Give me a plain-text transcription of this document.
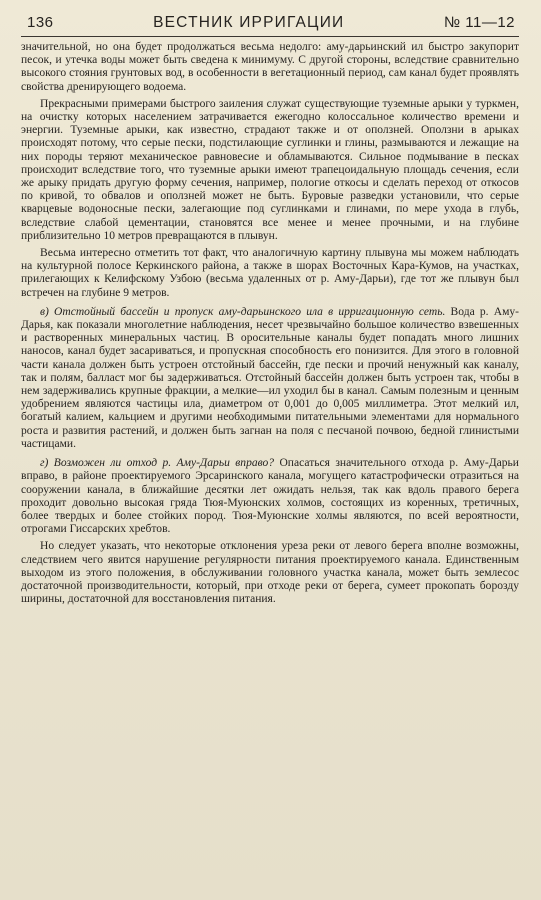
136	ВЕСТНИК ИРРИГАЦИИ	№ 11—12

значительной, но она будет продолжаться весьма недолго: аму-дарьинский ил быстро закупорит песок, и утечка воды может быть сведена к минимуму. С другой стороны, вследствие сравнительно высокого стояния грунтовых вод, в особенности в вегетационный период, сам канал будет проявлять свойства дренирующего водоема.

Прекрасными примерами быстрого заиления служат существующие туземные арыки у туркмен, на очистку которых населением затрачивается ежегодно колоссальное количество времени и энергии. Туземные арыки, как известно, страдают также и от оползней. Оползни в арыках происходят потому, что серые пески, подстилающие суглинки и глины, размываются и лежащие на них породы теряют механическое равновесие и обламываются. Сильное подмывание в песках происходит вследствие того, что туземные арыки имеют трапецоидальную площадь сечения, если же арыку придать другую форму сечения, например, пологие откосы и сделать переход от откосов по кривой, то обвалов и оползней может не быть. Буровые разведки установили, что серые кварцевые водоносные пески, залегающие под суглинками и глинами, по мере ухода в глубь, вследствие слабой цементации, становятся все менее и менее прочными, и на глубине приблизительно 10 метров превращаются в плывун.

Весьма интересно отметить тот факт, что аналогичную картину плывуна мы можем наблюдать на культурной полосе Керкинского района, а также в шорах Восточных Кара-Кумов, на участках, прилегающих к Келифскому Узбою (весьма удаленных от р. Аму-Дарьи), где тот же плывун был встречен на глубине 9 метров.

в) Отстойный бассейн и пропуск аму-дарьинского ила в ирригационную сеть. Вода р. Аму-Дарья, как показали многолетние наблюдения, несет чрезвычайно большое количество взвешенных и растворенных минеральных частиц. В оросительные каналы будет попадать много лишних наносов, канал будет засариваться, и пропускная способность его понизится. Для этого в головной части канала должен быть устроен отстойный бассейн, где пески и прочий ненужный как каналу, так и полям, балласт мог бы задерживаться. Отстойный бассейн должен быть устроен так, чтобы в нем задерживались крупные фракции, а мелкие—ил уходил бы в канал. Самым полезным и ценным удобрением являются частицы ила, диаметром от 0,001 до 0,005 миллиметра. Этот мелкий ил, богатый калием, кальцием и другими необходимыми питательными элементами для нормального роста и развития растений, и должен быть загнан на поля с песчаной почвою, бедной глинистыми частицами.

г) Возможен ли отход р. Аму-Дарьи вправо? Опасаться значительного отхода р. Аму-Дарьи вправо, в районе проектируемого Эрсаринского канала, могущего катастрофически отразиться на сооружении канала, в ближайшие десятки лет ожидать нельзя, так как вдоль правого берега проходит довольно высокая гряда Тюя-Муюнских холмов, состоящих из коренных, третичных, более твердых и более стойких пород. Тюя-Муюнские холмы являются, по всей вероятности, отрогами Гиссарских хребтов.

Но следует указать, что некоторые отклонения уреза реки от левого берега вполне возможны, следствием чего явится нарушение регулярности питания проектируемого канала. Единственным выходом из этого положения, в обслуживании головного участка канала, может быть землесос достаточной производительности, который, при отходе реки от берега, сумеет прокопать борозду ширины, достаточной для восстановления питания.
